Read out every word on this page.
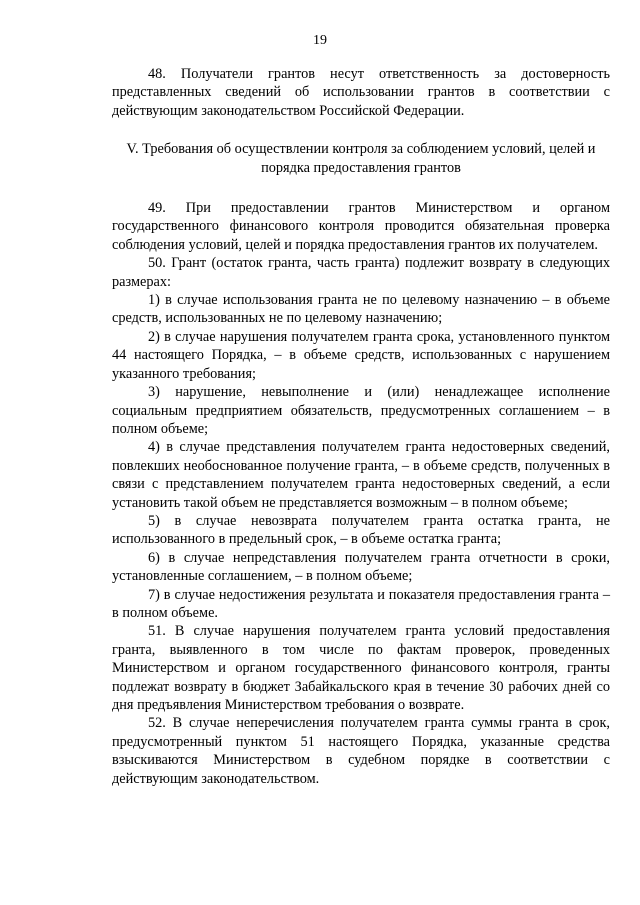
19

48. Получатели грантов несут ответственность за достоверность представленных сведений об использовании грантов в соответствии с действующим законодательством Российской Федерации.

V. Требования об осуществлении контроля за соблюдением условий, целей и порядка предоставления грантов

49. При предоставлении грантов Министерством и органом государственного финансового контроля проводится обязательная проверка соблюдения условий, целей и порядка предоставления грантов их получателем.

50. Грант (остаток гранта, часть гранта) подлежит возврату в следующих размерах:

1) в случае использования гранта не по целевому назначению – в объеме средств, использованных не по целевому назначению;

2) в случае нарушения получателем гранта срока, установленного пунктом 44 настоящего Порядка, – в объеме средств, использованных с нарушением указанного требования;

3) нарушение, невыполнение и (или) ненадлежащее исполнение социальным предприятием обязательств, предусмотренных соглашением – в полном объеме;

4) в случае представления получателем гранта недостоверных сведений, повлекших необоснованное получение гранта, – в объеме средств, полученных в связи с представлением получателем гранта недостоверных сведений, а если установить такой объем не представляется возможным – в полном объеме;

5) в случае невозврата получателем гранта остатка гранта, не использованного в предельный срок, – в объеме остатка гранта;

6) в случае непредставления получателем гранта отчетности в сроки, установленные соглашением, – в полном объеме;

7) в случае недостижения результата и показателя предоставления гранта – в полном объеме.

51. В случае нарушения получателем гранта условий предоставления гранта, выявленного в том числе по фактам проверок, проведенных Министерством и органом государственного финансового контроля, гранты подлежат возврату в бюджет Забайкальского края в течение 30 рабочих дней со дня предъявления Министерством требования о возврате.

52. В случае неперечисления получателем гранта суммы гранта в срок, предусмотренный пунктом 51 настоящего Порядка, указанные средства взыскиваются Министерством в судебном порядке в соответствии с действующим законодательством.
